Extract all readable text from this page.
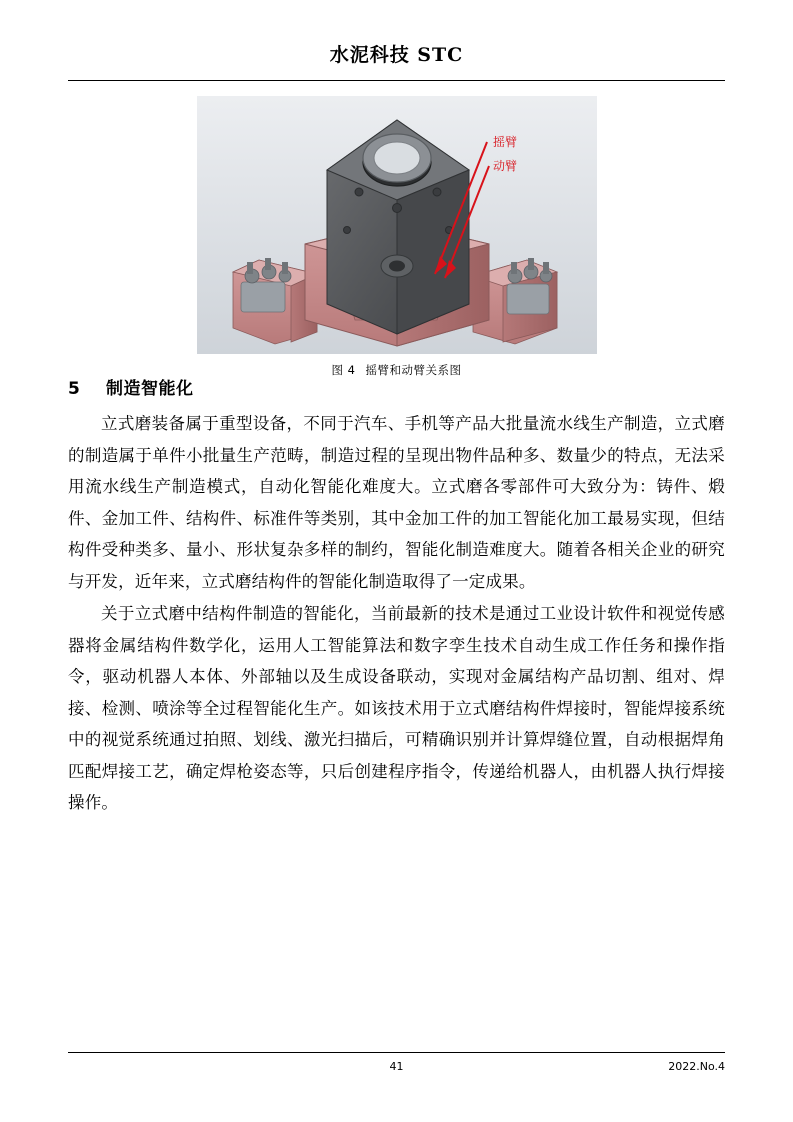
水泥科技 STC
摇臂
动臂
图 4 摇臂和动臂关系图
5 制造智能化

立式磨装备属于重型设备，不同于汽车、手机等产品大批量流水线生产制造，立式磨的制造属于单件小批量生产范畴，制造过程的呈现出物件品种多、数量少的特点，无法采用流水线生产制造模式，自动化智能化难度大。立式磨各零部件可大致分为：铸件、煅件、金加工件、结构件、标准件等类别，其中金加工件的加工智能化加工最易实现，但结构件受种类多、量小、形状复杂多样的制约，智能化制造难度大。随着各相关企业的研究与开发，近年来，立式磨结构件的智能化制造取得了一定成果。

关于立式磨中结构件制造的智能化，当前最新的技术是通过工业设计软件和视觉传感器将金属结构件数学化，运用人工智能算法和数字孪生技术自动生成工作任务和操作指令，驱动机器人本体、外部轴以及生成设备联动，实现对金属结构产品切割、组对、焊接、检测、喷涂等全过程智能化生产。如该技术用于立式磨结构件焊接时，智能焊接系统中的视觉系统通过拍照、划线、激光扫描后，可精确识别并计算焊缝位置，自动根据焊角匹配焊接工艺，确定焊枪姿态等，只后创建程序指令，传递给机器人，由机器人执行焊接操作。

41	2022.No.4
